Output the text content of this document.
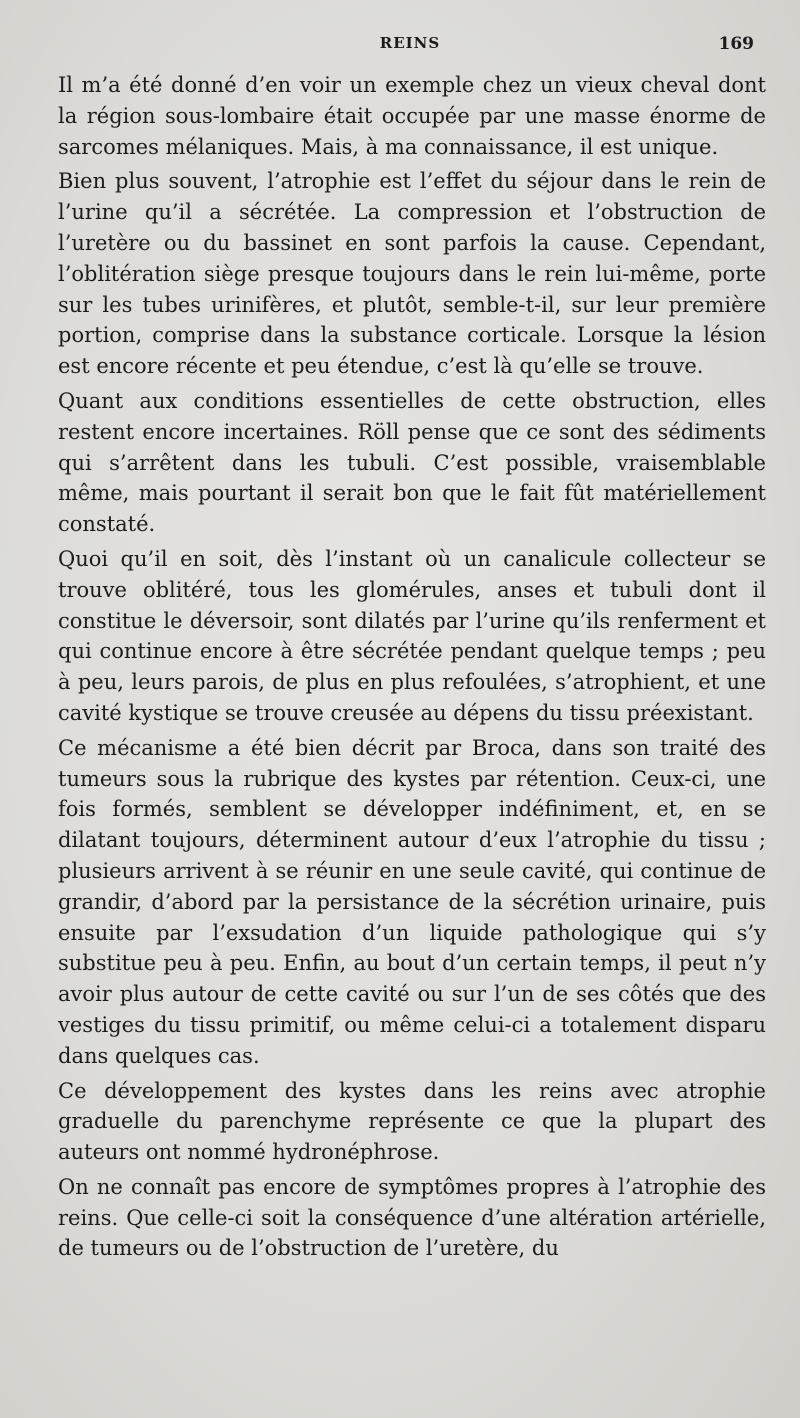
REINS	169

Il m’a été donné d’en voir un exemple chez un vieux cheval dont la région sous-lombaire était occupée par une masse énorme de sarcomes mélaniques. Mais, à ma connaissance, il est unique.

Bien plus souvent, l’atrophie est l’effet du séjour dans le rein de l’urine qu’il a sécrétée. La compression et l’obstruction de l’uretère ou du bassinet en sont parfois la cause. Cependant, l’oblitération siège presque toujours dans le rein lui-même, porte sur les tubes urinifères, et plutôt, semble-t-il, sur leur première portion, comprise dans la substance corticale. Lorsque la lésion est encore récente et peu étendue, c’est là qu’elle se trouve.

Quant aux conditions essentielles de cette obstruction, elles restent encore incertaines. Röll pense que ce sont des sédiments qui s’arrêtent dans les tubuli. C’est possible, vraisemblable même, mais pourtant il serait bon que le fait fût matériellement constaté.

Quoi qu’il en soit, dès l’instant où un canalicule collecteur se trouve oblitéré, tous les glomérules, anses et tubuli dont il constitue le déversoir, sont dilatés par l’urine qu’ils renferment et qui continue encore à être sécrétée pendant quelque temps ; peu à peu, leurs parois, de plus en plus refoulées, s’atrophient, et une cavité kystique se trouve creusée au dépens du tissu préexistant.

Ce mécanisme a été bien décrit par Broca, dans son traité des tumeurs sous la rubrique des kystes par rétention. Ceux-ci, une fois formés, semblent se développer indéfiniment, et, en se dilatant toujours, déterminent autour d’eux l’atrophie du tissu ; plusieurs arrivent à se réunir en une seule cavité, qui continue de grandir, d’abord par la persistance de la sécrétion urinaire, puis ensuite par l’exsudation d’un liquide pathologique qui s’y substitue peu à peu. Enfin, au bout d’un certain temps, il peut n’y avoir plus autour de cette cavité ou sur l’un de ses côtés que des vestiges du tissu primitif, ou même celui-ci a totalement disparu dans quelques cas.

Ce développement des kystes dans les reins avec atrophie graduelle du parenchyme représente ce que la plupart des auteurs ont nommé hydronéphrose.

On ne connaît pas encore de symptômes propres à l’atrophie des reins. Que celle-ci soit la conséquence d’une altération artérielle, de tumeurs ou de l’obstruction de l’uretère, du
